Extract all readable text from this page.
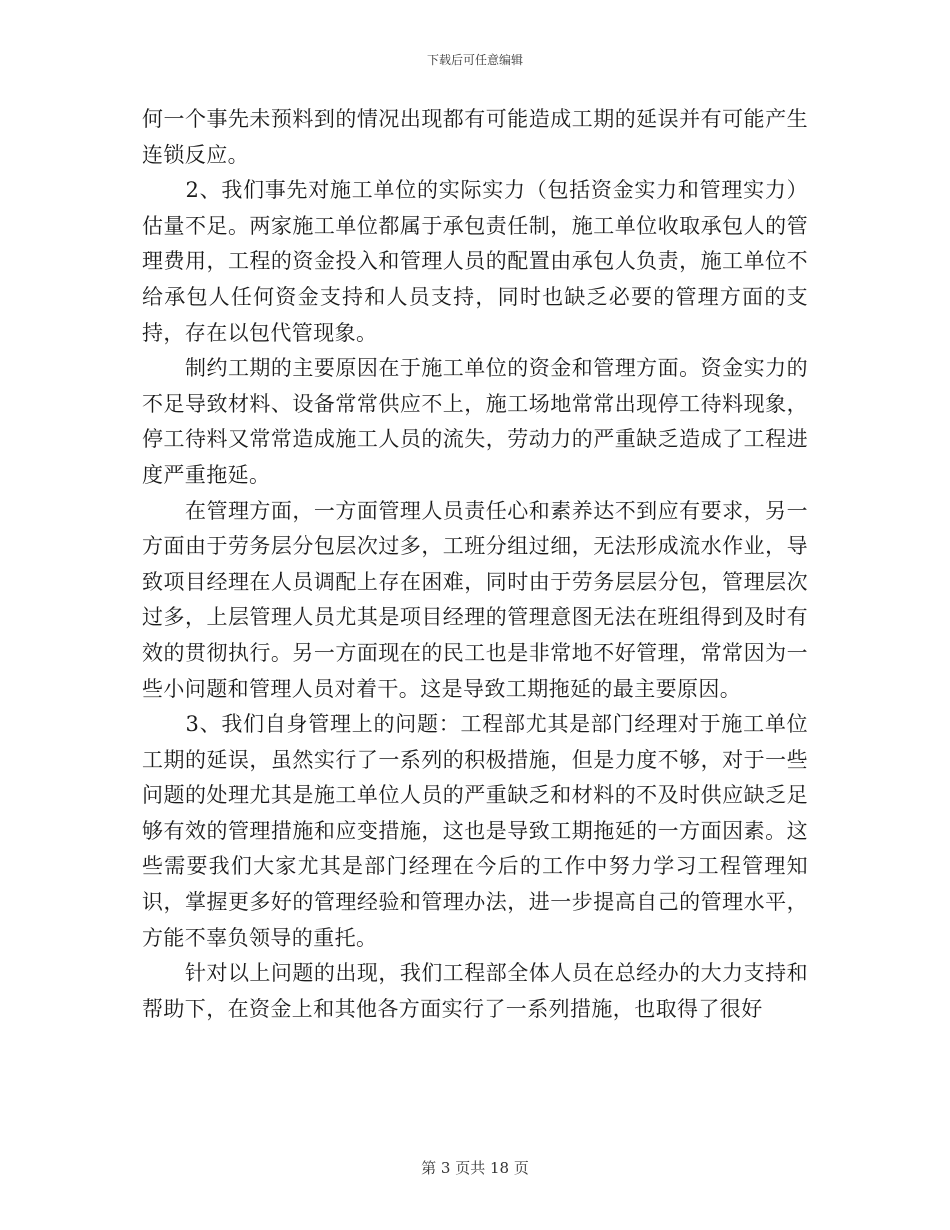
下载后可任意编辑

何一个事先未预料到的情况出现都有可能造成工期的延误并有可能产生连锁反应。

　　2、我们事先对施工单位的实际实力（包括资金实力和管理实力）估量不足。两家施工单位都属于承包责任制，施工单位收取承包人的管理费用，工程的资金投入和管理人员的配置由承包人负责，施工单位不给承包人任何资金支持和人员支持，同时也缺乏必要的管理方面的支持，存在以包代管现象。

　　制约工期的主要原因在于施工单位的资金和管理方面。资金实力的不足导致材料、设备常常供应不上，施工场地常常出现停工待料现象，停工待料又常常造成施工人员的流失，劳动力的严重缺乏造成了工程进度严重拖延。

　　在管理方面，一方面管理人员责任心和素养达不到应有要求，另一方面由于劳务层分包层次过多，工班分组过细，无法形成流水作业，导致项目经理在人员调配上存在困难，同时由于劳务层层分包，管理层次过多，上层管理人员尤其是项目经理的管理意图无法在班组得到及时有效的贯彻执行。另一方面现在的民工也是非常地不好管理，常常因为一些小问题和管理人员对着干。这是导致工期拖延的最主要原因。

　　3、我们自身管理上的问题：工程部尤其是部门经理对于施工单位工期的延误，虽然实行了一系列的积极措施，但是力度不够，对于一些问题的处理尤其是施工单位人员的严重缺乏和材料的不及时供应缺乏足够有效的管理措施和应变措施，这也是导致工期拖延的一方面因素。这些需要我们大家尤其是部门经理在今后的工作中努力学习工程管理知识，掌握更多好的管理经验和管理办法，进一步提高自己的管理水平，方能不辜负领导的重托。

　　针对以上问题的出现，我们工程部全体人员在总经办的大力支持和帮助下，在资金上和其他各方面实行了一系列措施，也取得了很好

第 3 页共 18 页
